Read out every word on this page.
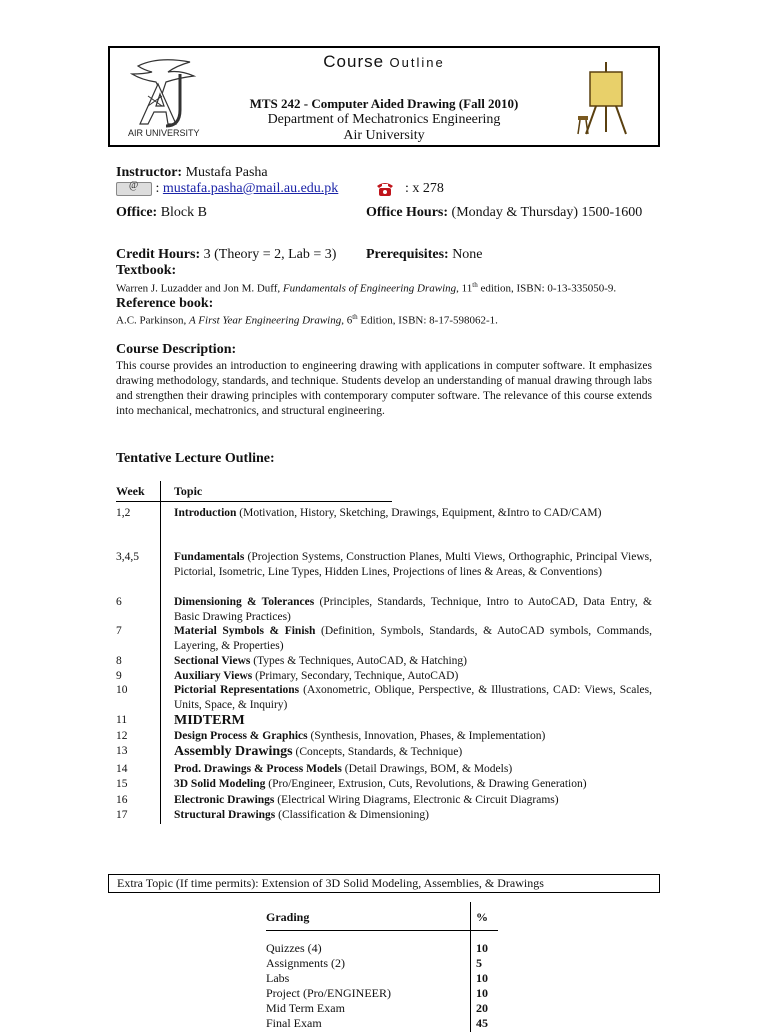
AIR UNIVERSITY
Course Outline
MTS 242 - Computer Aided Drawing (Fall 2010)
Department of Mechatronics Engineering
Air University
Instructor: Mustafa Pasha
@ : mustafa.pasha@mail.au.edu.pk	: x 278
Office: Block B	Office Hours: (Monday & Thursday) 1500-1600
Credit Hours: 3 (Theory = 2, Lab = 3) Prerequisites: None
Textbook:
Warren J. Luzadder and Jon M. Duff, Fundamentals of Engineering Drawing, 11th edition, ISBN: 0-13-335050-9.
Reference book:
A.C. Parkinson, A First Year Engineering Drawing, 6th Edition, ISBN: 8-17-598062-1.
Course Description:
This course provides an introduction to engineering drawing with applications in computer software. It emphasizes drawing methodology, standards, and technique. Students develop an understanding of manual drawing through labs and strengthen their drawing principles with contemporary computer software. The relevance of this course extends into mechanical, mechatronics, and structural engineering.
Tentative Lecture Outline:
Week	Topic
1,2	Introduction (Motivation, History, Sketching, Drawings, Equipment, &Intro to CAD/CAM)
3,4,5	Fundamentals (Projection Systems, Construction Planes, Multi Views, Orthographic, Principal Views, Pictorial, Isometric, Line Types, Hidden Lines, Projections of lines & Areas, & Conventions)
6	Dimensioning & Tolerances (Principles, Standards, Technique, Intro to AutoCAD, Data Entry, & Basic Drawing Practices)
7	Material Symbols & Finish (Definition, Symbols, Standards, & AutoCAD symbols, Commands, Layering, & Properties)
8	Sectional Views (Types & Techniques, AutoCAD, & Hatching)
9	Auxiliary Views (Primary, Secondary, Technique, AutoCAD)
10	Pictorial Representations (Axonometric, Oblique, Perspective, & Illustrations, CAD: Views, Scales, Units, Space, & Inquiry)
11	MIDTERM
12	Design Process & Graphics (Synthesis, Innovation, Phases, & Implementation)
13	Assembly Drawings (Concepts, Standards, & Technique)
14	Prod. Drawings & Process Models (Detail Drawings, BOM, & Models)
15	3D Solid Modeling (Pro/Engineer, Extrusion, Cuts, Revolutions, & Drawing Generation)
16	Electronic Drawings (Electrical Wiring Diagrams, Electronic & Circuit Diagrams)
17	Structural Drawings (Classification & Dimensioning)
Extra Topic (If time permits): Extension of 3D Solid Modeling, Assemblies, & Drawings
Grading	%
Quizzes (4)	10
Assignments (2)	5
Labs	10
Project (Pro/ENGINEER)	10
Mid Term Exam	20
Final Exam	45
